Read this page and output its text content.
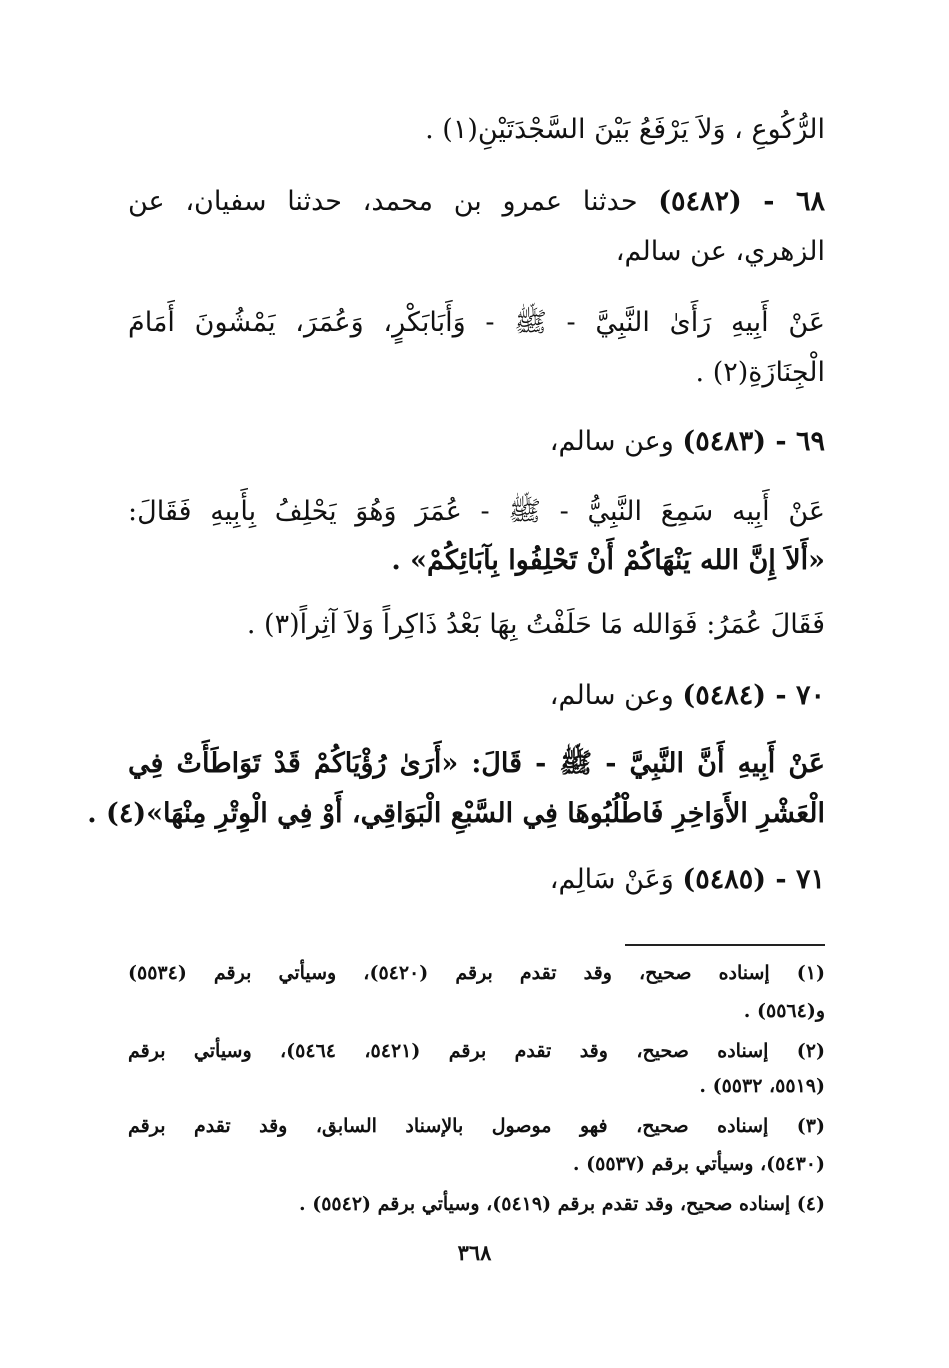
الرُّكُوعِ ، وَلاَ يَرْفَعُ بَيْنَ السَّجْدَتَيْنِ(١) .
٦٨ - (٥٤٨٢) حدثنا عمرو بن محمد، حدثنا سفيان، عن
الزهري، عن سالم،
عَنْ أَبِيهِ رَأَىٰ النَّبِيَّ - ﷺ - وَأَبَابَكْرٍ، وَعُمَرَ، يَمْشُونَ أَمَامَ
الْجِنَازَةِ(٢) .
٦٩ - (٥٤٨٣) وعن سالم،
عَنْ أَبِيه سَمِعَ النَّبِيُّ - ﷺ - عُمَرَ وَهُوَ يَحْلِفُ بِأَبِيهِ فَقَالَ:
«أَلاَ إِنَّ الله يَنْهَاكُمْ أَنْ تَحْلِفُوا بِآبَائِكُمْ» .
فَقَالَ عُمَرُ: فَوَالله مَا حَلَفْتُ بِهَا بَعْدُ ذَاكِراً وَلاَ آثِراً(٣) .
٧٠ - (٥٤٨٤) وعن سالم،
عَنْ أَبِيهِ أَنَّ النَّبِيَّ - ﷺ - قَالَ: «أَرَىٰ رُؤْيَاكُمْ قَدْ تَوَاطَأَتْ فِي
الْعَشْرِ الأَوَاخِرِ فَاطْلُبُوهَا فِي السَّبْعِ الْبَوَاقِي، أَوْ فِي الْوِتْرِ مِنْهَا»(٤) .
٧١ - (٥٤٨٥) وَعَنْ سَالِم،
(١) إسناده صحيح، وقد تقدم برقم (٥٤٢٠)، وسيأتي برقم (٥٥٣٤)
و(٥٥٦٤) .
(٢) إسناده صحيح، وقد تقدم برقم (٥٤٢١، ٥٤٦٤)، وسيأتي برقم
(٥٥١٩، ٥٥٣٢) .
(٣) إسناده صحيح، فهو موصول بالإسناد السابق، وقد تقدم برقم
(٥٤٣٠)، وسيأتي برقم (٥٥٣٧) .
(٤) إسناده صحيح، وقد تقدم برقم (٥٤١٩)، وسيأتي برقم (٥٥٤٢) .
٣٦٨
